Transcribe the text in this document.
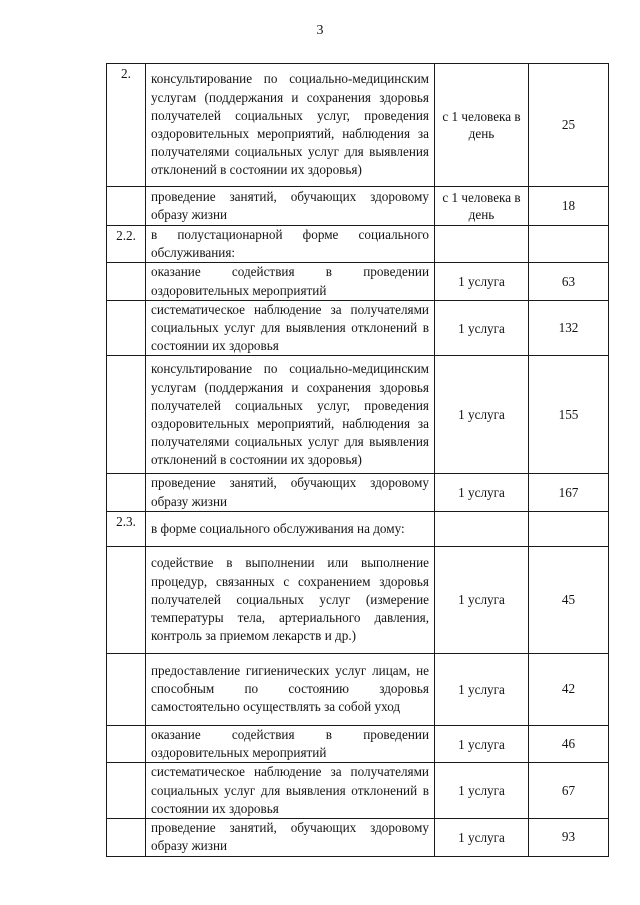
3
2.	консультирование по социально-медицинским услугам (поддержания и сохранения здоровья получателей социальных услуг, проведения оздоровительных мероприятий, наблюдения за получателями социальных услуг для выявления отклонений в состоянии их здоровья)	с 1 человека в день	25

	проведение занятий, обучающих здоровому образу жизни	с 1 человека в день	18
2.2.	в полустационарной форме социального обслуживания:		

	оказание содействия в проведении оздоровительных мероприятий	1 услуга	63

	систематическое наблюдение за получателями социальных услуг для выявления отклонений в состоянии их здоровья	1 услуга	132

	консультирование по социально-медицинским услугам (поддержания и сохранения здоровья получателей социальных услуг, проведения оздоровительных мероприятий, наблюдения за получателями социальных услуг для выявления отклонений в состоянии их здоровья)	1 услуга	155

	проведение занятий, обучающих здоровому образу жизни	1 услуга	167
2.3.	в форме социального обслуживания на дому:		

	содействие в выполнении или выполнение процедур, связанных с сохранением здоровья получателей социальных услуг (измерение температуры тела, артериального давления, контроль за приемом лекарств и др.)	1 услуга	45

	предоставление гигиенических услуг лицам, не способным по состоянию здоровья самостоятельно осуществлять за собой уход	1 услуга	42

	оказание содействия в проведении оздоровительных мероприятий	1 услуга	46

	систематическое наблюдение за получателями социальных услуг для выявления отклонений в состоянии их здоровья	1 услуга	67

	проведение занятий, обучающих здоровому образу жизни	1 услуга	93
